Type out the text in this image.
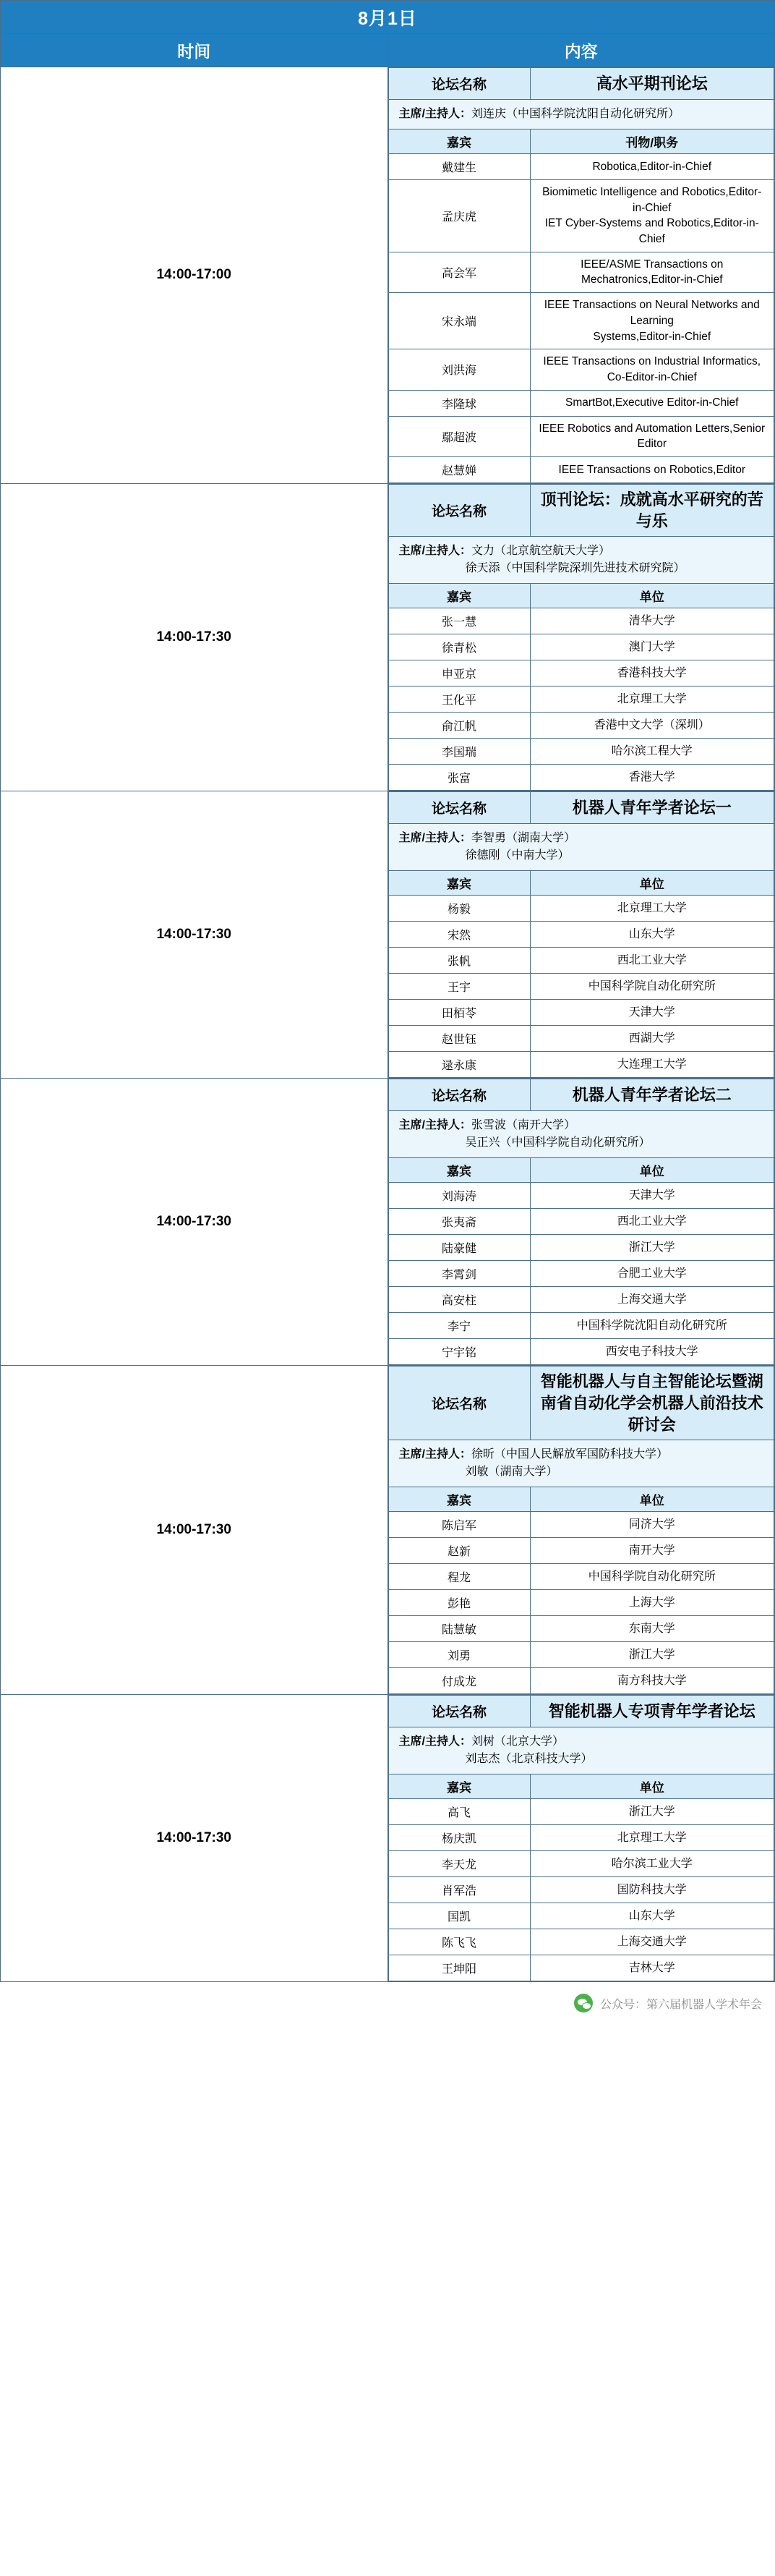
8月1日
时间	内容
14:00-17:00	
论坛名称	高水平期刊论坛

主席/主持人：刘连庆（中国科学院沈阳自动化研究所）

嘉宾	刊物/职务
戴建生	Robotica,Editor-in-Chief
孟庆虎	Biomimetic Intelligence and Robotics,Editor-in-Chief
IET Cyber-Systems and Robotics,Editor-in-Chief
高会军	IEEE/ASME Transactions on Mechatronics,Editor-in-Chief
宋永端	IEEE Transactions on Neural Networks and Learning
Systems,Editor-in-Chief
刘洪海	IEEE Transactions on Industrial Informatics,
Co-Editor-in-Chief
李隆球	SmartBot,Executive Editor-in-Chief
鄢超波	IEEE Robotics and Automation Letters,Senior Editor
赵慧婵	IEEE Transactions on Robotics,Editor

14:00-17:30	
论坛名称	顶刊论坛：成就高水平研究的苦与乐

主席/主持人：文力（北京航空航天大学）
徐天添（中国科学院深圳先进技术研究院）

嘉宾	单位
张一慧	清华大学
徐青松	澳门大学
申亚京	香港科技大学
王化平	北京理工大学
俞江帆	香港中文大学（深圳）
李国瑞	哈尔滨工程大学
张富	香港大学

14:00-17:30	
论坛名称	机器人青年学者论坛一

主席/主持人：李智勇（湖南大学）
徐德刚（中南大学）

嘉宾	单位
杨毅	北京理工大学
宋然	山东大学
张帆	西北工业大学
王宇	中国科学院自动化研究所
田栢苓	天津大学
赵世钰	西湖大学
逯永康	大连理工大学

14:00-17:30	
论坛名称	机器人青年学者论坛二

主席/主持人：张雪波（南开大学）
吴正兴（中国科学院自动化研究所）

嘉宾	单位
刘海涛	天津大学
张夷斋	西北工业大学
陆豪健	浙江大学
李霄剑	合肥工业大学
高安柱	上海交通大学
李宁	中国科学院沈阳自动化研究所
宁宇铭	西安电子科技大学

14:00-17:30	
论坛名称	智能机器人与自主智能论坛暨湖南省自动化学会机器人前沿技术研讨会

主席/主持人：徐昕（中国人民解放军国防科技大学）
刘敏（湖南大学）

嘉宾	单位
陈启军	同济大学
赵新	南开大学
程龙	中国科学院自动化研究所
彭艳	上海大学
陆慧敏	东南大学
刘勇	浙江大学
付成龙	南方科技大学

14:00-17:30	
论坛名称	智能机器人专项青年学者论坛

主席/主持人：刘树（北京大学）
刘志杰（北京科技大学）

嘉宾	单位
高飞	浙江大学
杨庆凯	北京理工大学
李天龙	哈尔滨工业大学
肖军浩	国防科技大学
国凯	山东大学
陈飞飞	上海交通大学
王坤阳	吉林大学
公众号：第六届机器人学术年会
